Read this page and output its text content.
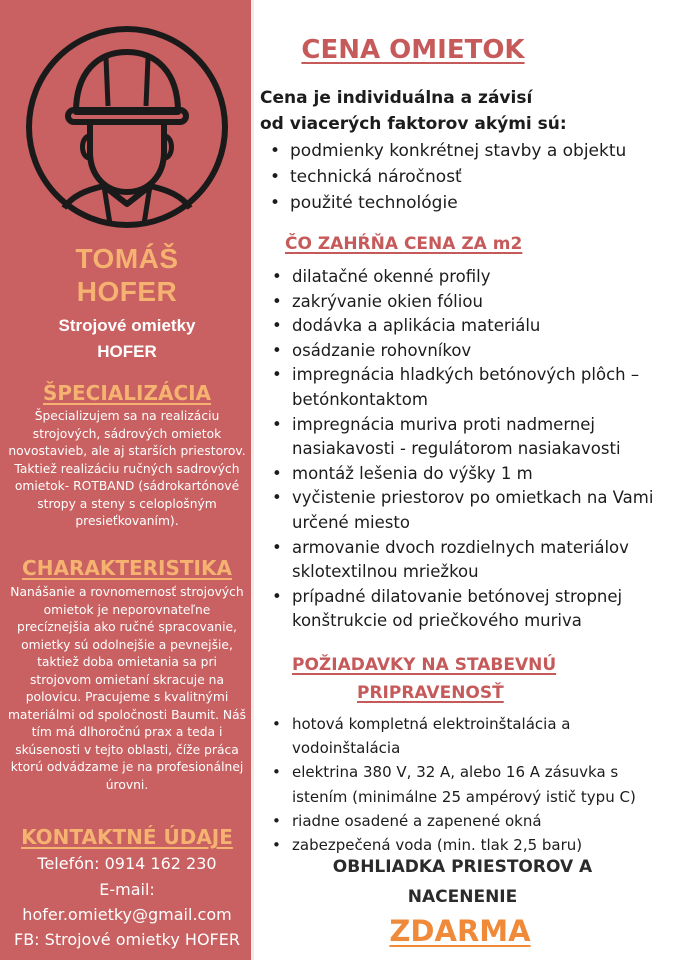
TOMÁŠ
HOFER
Strojové omietky
HOFER
ŠPECIALIZÁCIA
Špecializujem sa na realizáciu strojových, sádrových omietok novostavieb, ale aj starších priestorov. Taktiež realizáciu ručných sadrových omietok- ROTBAND (sádrokartónové stropy a steny s celoplošným presieťkovaním).
CHARAKTERISTIKA
Nanášanie a rovnomernosť strojových omietok je neporovnateľne precíznejšia ako ručné spracovanie, omietky sú odolnejšie a pevnejšie, taktiež doba omietania sa pri strojovom omietaní skracuje na polovicu. Pracujeme s kvalitnými materiálmi od spoločnosti Baumit. Náš tím má dlhoročnú prax a teda i skúsenosti v tejto oblasti, číže práca ktorú odvádzame je na profesionálnej úrovni.
KONTAKTNÉ ÚDAJE
Telefón: 0914 162 230
E-mail:
hofer.omietky@gmail.com
FB: Strojové omietky HOFER
CENA OMIETOK
Cena je individuálna a závisí
od viacerých faktorov akými sú:
• podmienky konkrétnej stavby a objektu
• technická náročnosť
• použité technológie
ČO ZAHŔŇA CENA ZA m2
• dilatačné okenné profily
• zakrývanie okien fóliou
• dodávka a aplikácia materiálu
• osádzanie rohovníkov
• impregnácia hladkých betónových plôch – betónkontaktom
• impregnácia muriva proti nadmernej nasiakavosti - regulátorom nasiakavosti
• montáž lešenia do výšky 1 m
• vyčistenie priestorov po omietkach na Vami určené miesto
• armovanie dvoch rozdielnych materiálov sklotextilnou mriežkou
• prípadné dilatovanie betónovej stropnej konštrukcie od priečkového muriva
POŽIADAVKY NA STABEVNÚ
PRIPRAVENOSŤ
• hotová kompletná elektroinštalácia a vodoinštalácia
• elektrina 380 V, 32 A, alebo 16 A zásuvka s istením (minimálne 25 ampérový istič typu C)
• riadne osadené a zapenené okná
• zabezpečená voda (min. tlak 2,5 baru)
OBHLIADKA PRIESTOROV A
NACENENIE
ZDARMA
